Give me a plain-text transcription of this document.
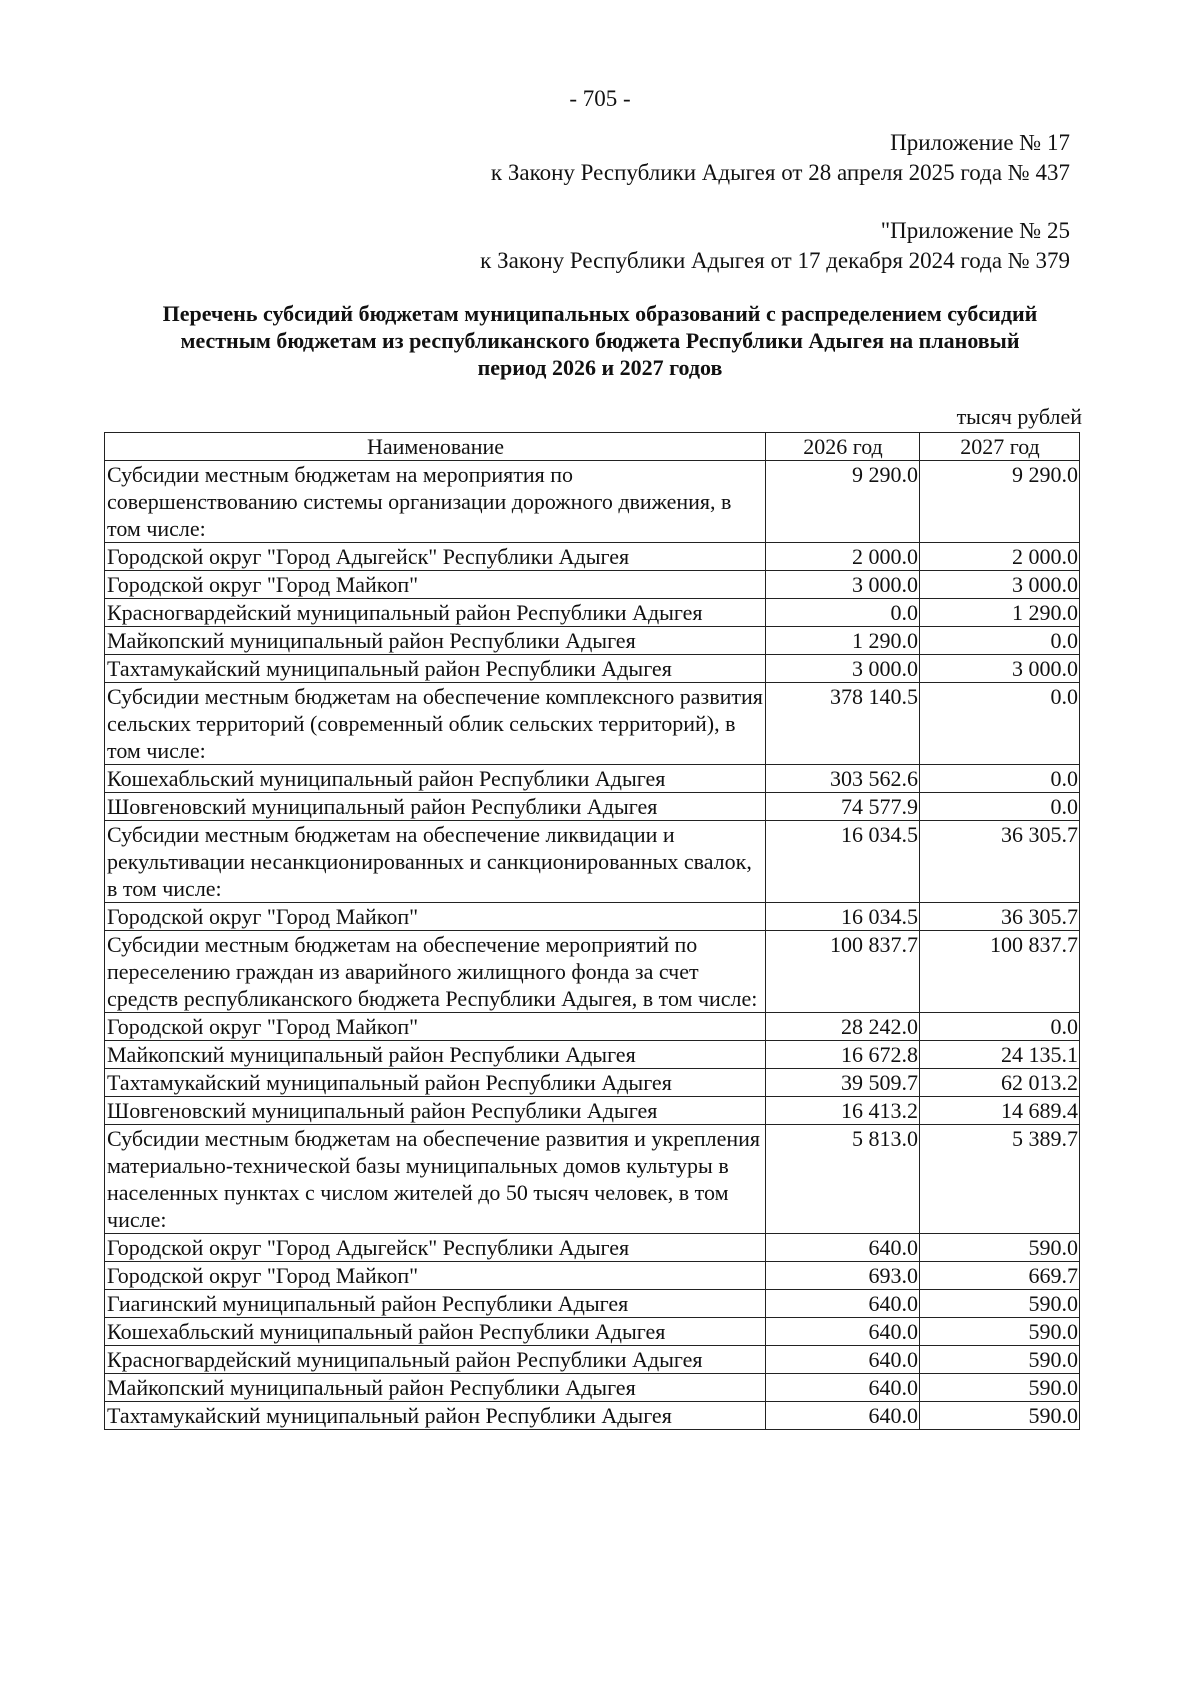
- 705 -
Приложение № 17
к Закону Республики Адыгея от 28 апреля 2025 года № 437
"Приложение № 25
к Закону Республики Адыгея от 17 декабря 2024 года № 379
Перечень субсидий бюджетам муниципальных образований с распределением субсидий
местным бюджетам из республиканского бюджета Республики Адыгея на плановый
период 2026 и 2027 годов
тысяч рублей
Наименование	2026 год	2027 год
Субсидии местным бюджетам на мероприятия по совершенствованию системы организации дорожного движения, в том числе:	9 290.0	9 290.0
Городской округ "Город Адыгейск" Республики Адыгея	2 000.0	2 000.0
Городской округ "Город Майкоп"	3 000.0	3 000.0
Красногвардейский муниципальный район Республики Адыгея	0.0	1 290.0
Майкопский муниципальный район Республики Адыгея	1 290.0	0.0
Тахтамукайский муниципальный район Республики Адыгея	3 000.0	3 000.0
Субсидии местным бюджетам на обеспечение комплексного развития сельских территорий (современный облик сельских территорий), в том числе:	378 140.5	0.0
Кошехабльский муниципальный район Республики Адыгея	303 562.6	0.0
Шовгеновский муниципальный район Республики Адыгея	74 577.9	0.0
Субсидии местным бюджетам на обеспечение ликвидации и рекультивации несанкционированных и санкционированных свалок, в том числе:	16 034.5	36 305.7
Городской округ "Город Майкоп"	16 034.5	36 305.7
Субсидии местным бюджетам на обеспечение мероприятий по переселению граждан из аварийного жилищного фонда за счет средств республиканского бюджета Республики Адыгея, в том числе:	100 837.7	100 837.7
Городской округ "Город Майкоп"	28 242.0	0.0
Майкопский муниципальный район Республики Адыгея	16 672.8	24 135.1
Тахтамукайский муниципальный район Республики Адыгея	39 509.7	62 013.2
Шовгеновский муниципальный район Республики Адыгея	16 413.2	14 689.4
Субсидии местным бюджетам на обеспечение развития и укрепления материально-технической базы муниципальных домов культуры в населенных пунктах с числом жителей до 50 тысяч человек, в том числе:	5 813.0	5 389.7
Городской округ "Город Адыгейск" Республики Адыгея	640.0	590.0
Городской округ "Город Майкоп"	693.0	669.7
Гиагинский муниципальный район Республики Адыгея	640.0	590.0
Кошехабльский муниципальный район Республики Адыгея	640.0	590.0
Красногвардейский муниципальный район Республики Адыгея	640.0	590.0
Майкопский муниципальный район Республики Адыгея	640.0	590.0
Тахтамукайский муниципальный район Республики Адыгея	640.0	590.0
